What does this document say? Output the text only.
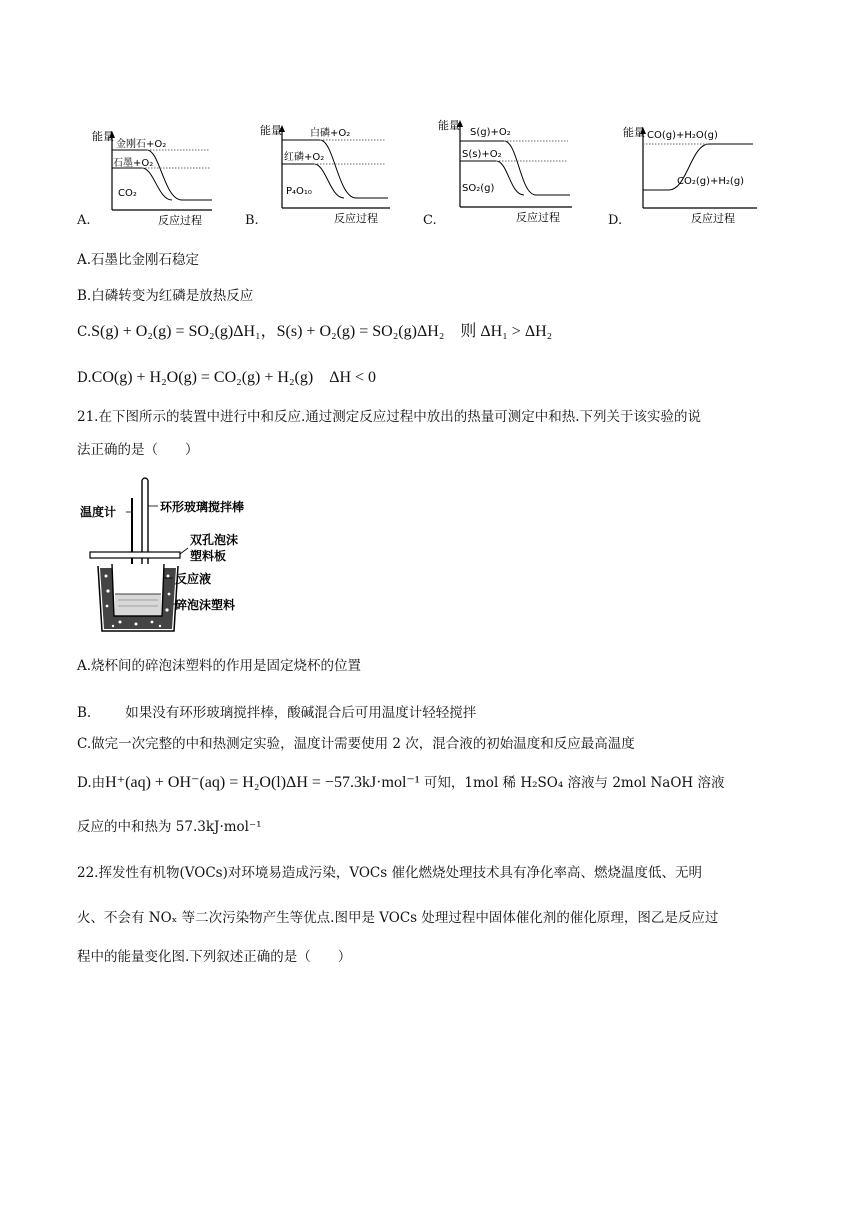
能量
金刚石+O₂
石墨+O₂
CO₂
反应过程
A.
能量	白磷+O₂
红磷+O₂
P₄O₁₀
反应过程
B.
能量
S(g)+O₂
S(s)+O₂
SO₂(g)
反应过程
C.
能量 CO(g)+H₂O(g)
CO₂(g)+H₂(g)
反应过程
D.
A.石墨比金刚石稳定
B.白磷转变为红磷是放热反应
C.S(g) + O₂(g) = SO₂(g)ΔH₁，S(s) + O₂(g) = SO₂(g)ΔH₂　则 ΔH₁ > ΔH₂
D.CO(g) + H₂O(g) = CO₂(g) + H₂(g)　ΔH < 0
21.在下图所示的装置中进行中和反应.通过测定反应过程中放出的热量可测定中和热.下列关于该实验的说
法正确的是（　　）
温度计	环形玻璃搅拌棒
双孔泡沫
塑料板
反应液
碎泡沫塑料
A.烧杯间的碎泡沫塑料的作用是固定烧杯的位置
B.	如果没有环形玻璃搅拌棒，酸碱混合后可用温度计轻轻搅拌
C.做完一次完整的中和热测定实验，温度计需要使用 2 次，混合液的初始温度和反应最高温度
D.由H⁺(aq) + OH⁻(aq) = H₂O(l)ΔH = −57.3kJ·mol⁻¹ 可知，1mol 稀 H₂SO₄ 溶液与 2mol NaOH 溶液
反应的中和热为 57.3kJ·mol⁻¹
22.挥发性有机物(VOCs)对环境易造成污染，VOCs 催化燃烧处理技术具有净化率高、燃烧温度低、无明
火、不会有 NOₓ 等二次污染物产生等优点.图甲是 VOCs 处理过程中固体催化剂的催化原理，图乙是反应过
程中的能量变化图.下列叙述正确的是（　　）
